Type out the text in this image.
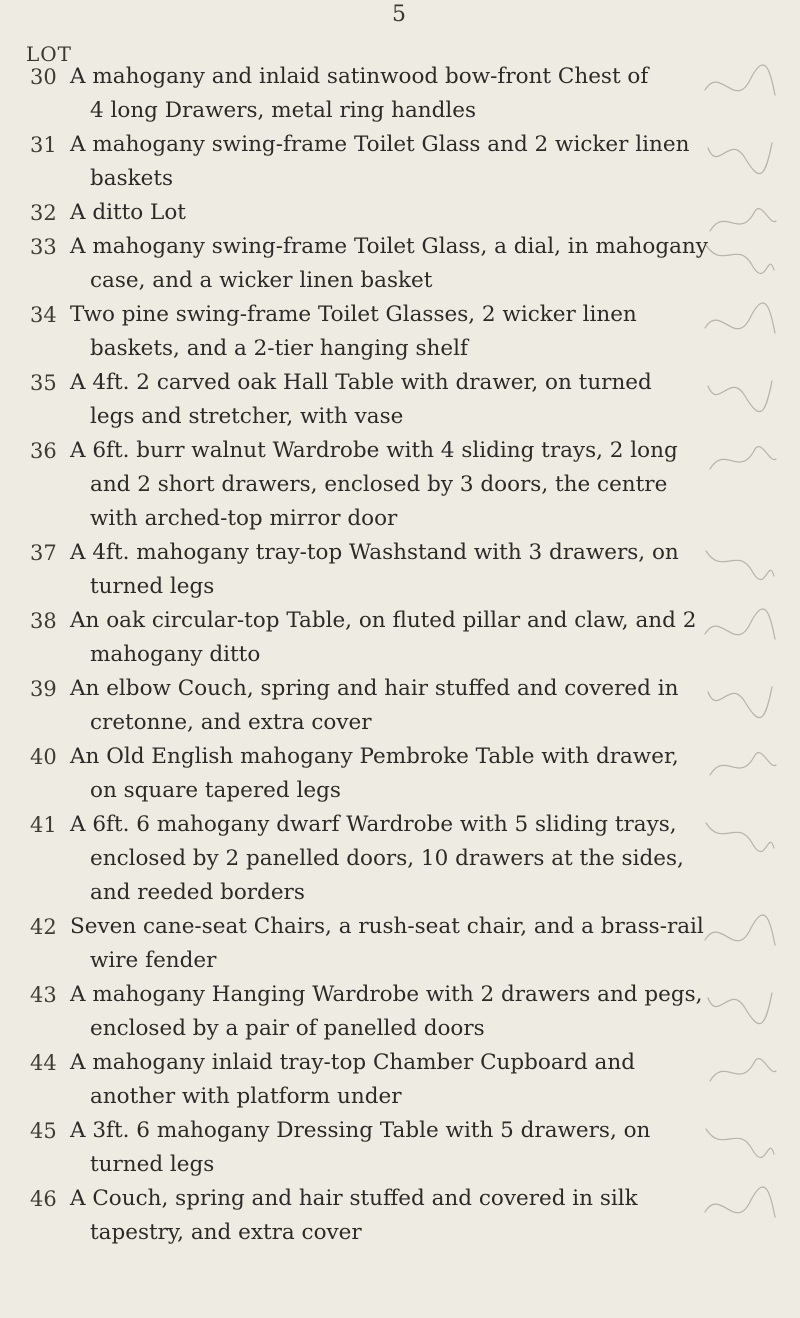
5
LOT
30 A mahogany and inlaid satinwood bow-front Chest of
4 long Drawers, metal ring handles
31 A mahogany swing-frame Toilet Glass and 2 wicker linen
baskets
32 A ditto Lot
33 A mahogany swing-frame Toilet Glass, a dial, in mahogany
case, and a wicker linen basket
34 Two pine swing-frame Toilet Glasses, 2 wicker linen
baskets, and a 2-tier hanging shelf
35 A 4ft. 2 carved oak Hall Table with drawer, on turned
legs and stretcher, with vase
36 A 6ft. burr walnut Wardrobe with 4 sliding trays, 2 long
and 2 short drawers, enclosed by 3 doors, the centre
with arched-top mirror door
37 A 4ft. mahogany tray-top Washstand with 3 drawers, on
turned legs
38 An oak circular-top Table, on fluted pillar and claw, and 2
mahogany ditto
39 An elbow Couch, spring and hair stuffed and covered in
cretonne, and extra cover
40 An Old English mahogany Pembroke Table with drawer,
on square tapered legs
41 A 6ft. 6 mahogany dwarf Wardrobe with 5 sliding trays,
enclosed by 2 panelled doors, 10 drawers at the sides,
and reeded borders
42 Seven cane-seat Chairs, a rush-seat chair, and a brass-rail
wire fender
43 A mahogany Hanging Wardrobe with 2 drawers and pegs,
enclosed by a pair of panelled doors
44 A mahogany inlaid tray-top Chamber Cupboard and
another with platform under
45 A 3ft. 6 mahogany Dressing Table with 5 drawers, on
turned legs
46 A Couch, spring and hair stuffed and covered in silk
tapestry, and extra cover
